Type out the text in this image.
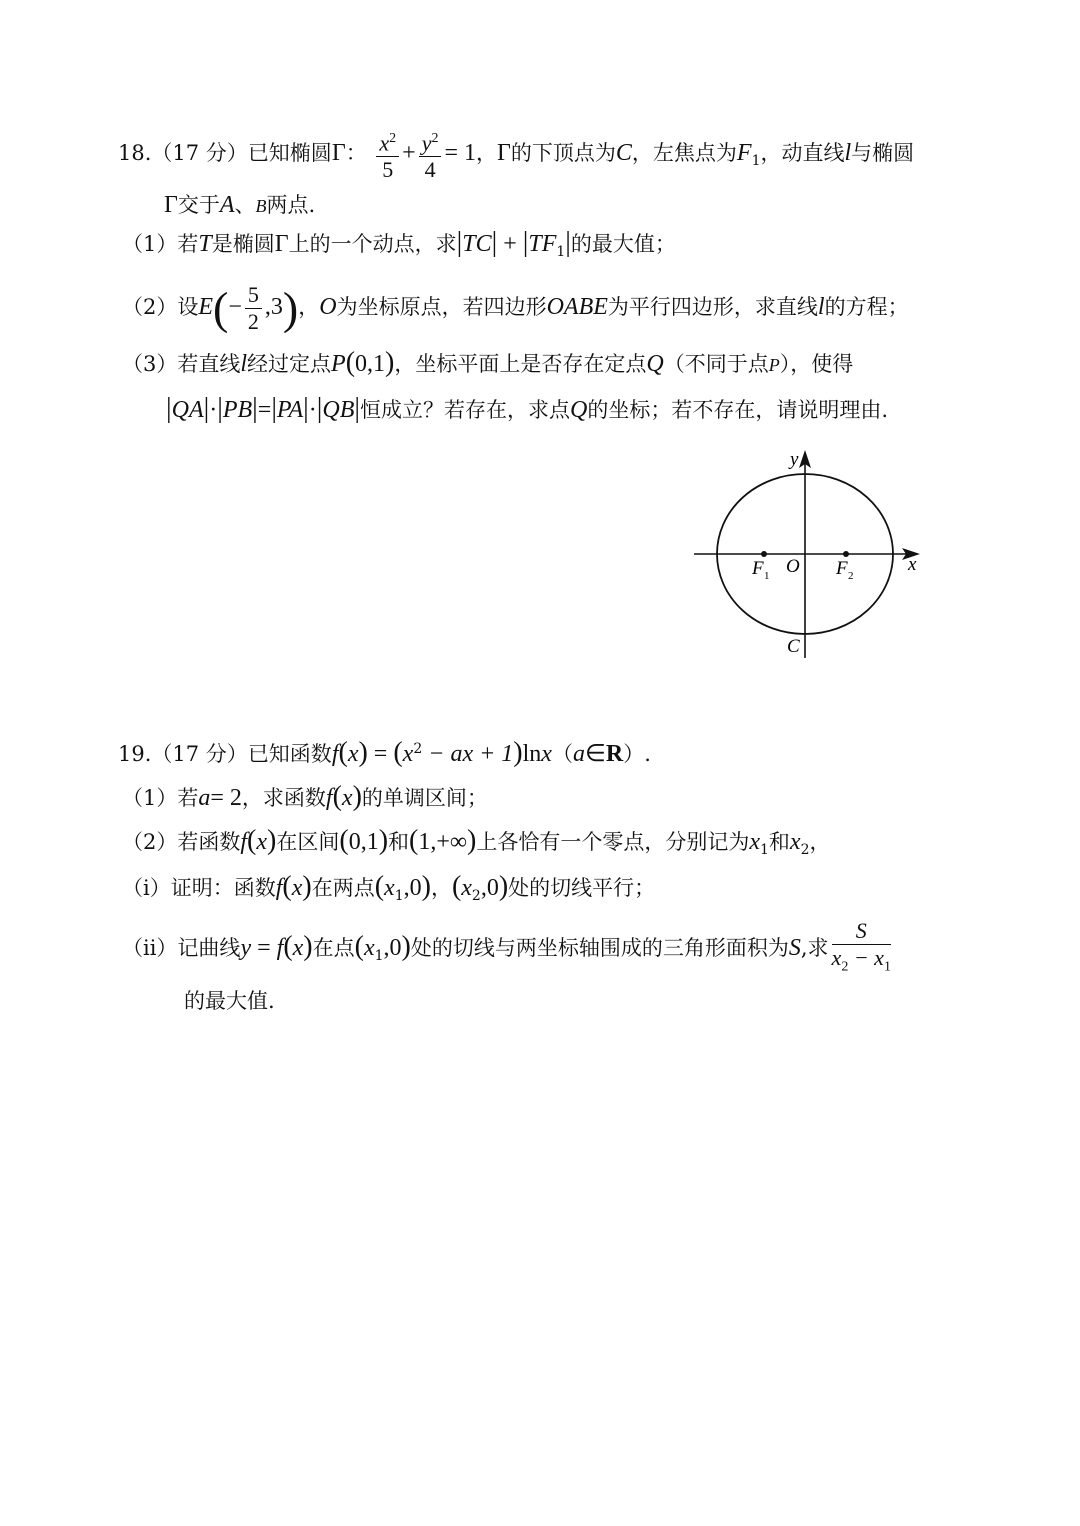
18.（17 分）已知椭圆Γ： $\frac{x^2}{5} + \frac{y^2}{4} = 1$，Γ的下顶点为C，左焦点为$F_1$，动直线l与椭圆
Γ交于A、B两点.
（1）若T是椭圆Γ上的一个动点，求$|TC| + |TF_1|$的最大值；
（2）设$E(- \frac{5}{2} ,3)$，O为坐标原点，若四边形OABE为平行四边形，求直线l的方程；
（3）若直线l经过定点P(0,1)，坐标平面上是否存在定点Q（不同于点P），使得
|QA|·|PB|=|PA|·|QB|恒成立？若存在，求点Q的坐标；若不存在，请说明理由.
y
x
O
F 1	F 2
C
19.（17 分）已知函数$f(x) = (x^2$ − ax + 1)lnx（a∈R）.
（1）若a= 2，求函数f(x)的单调区间；
（2）若函数f(x)在区间(0,1)和(1,+∞)上各恰有一个零点，分别记为$x_1$和$x_2$，
（ⅰ）证明：函数f(x)在两点$(x_1,0)$，$(x_2,0)$处的切线平行；
（ⅱ）记曲线y = f(x)在点$(x_1,0)$处的切线与两坐标轴围成的三角形面积为S,求 $\frac{S}{x_2 - x_1}$
的最大值.
